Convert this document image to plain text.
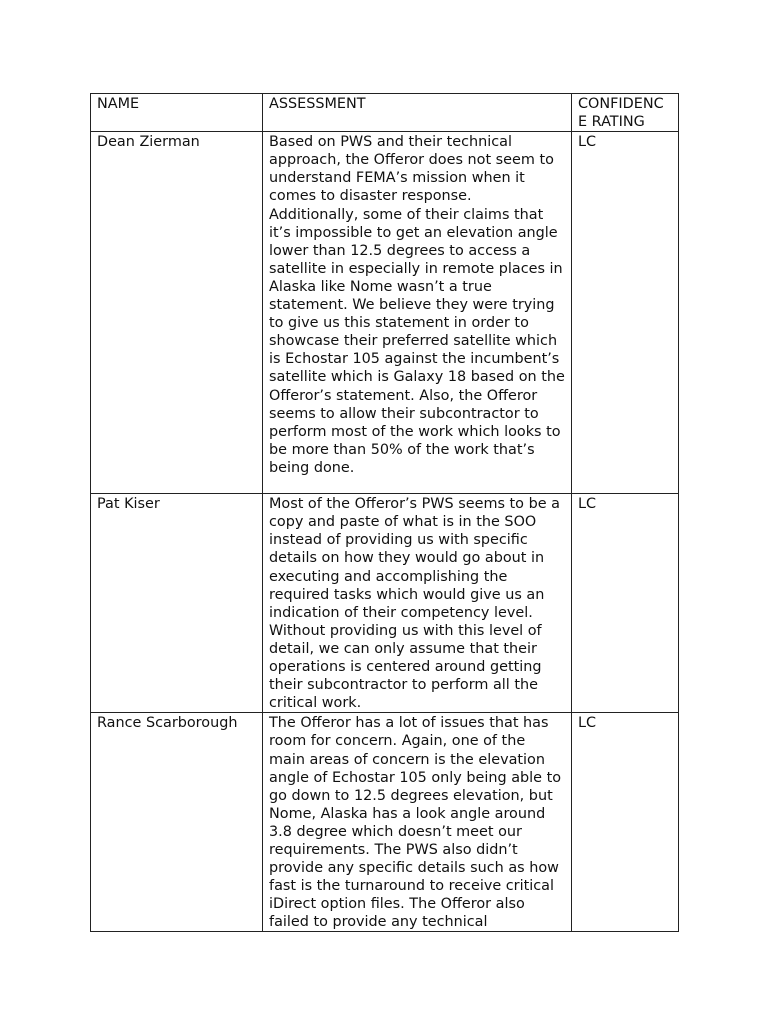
NAME	ASSESSMENT	CONFIDENCE RATING

Dean Zierman	Based on PWS and their technical approach, the Offeror does not seem to understand FEMA’s mission when it comes to disaster response. Additionally, some of their claims that it’s impossible to get an elevation angle lower than 12.5 degrees to access a satellite in especially in remote places in Alaska like Nome wasn’t a true statement. We believe they were trying to give us this statement in order to showcase their preferred satellite which is Echostar 105 against the incumbent’s satellite which is Galaxy 18 based on the Offeror’s statement. Also, the Offeror seems to allow their subcontractor to perform most of the work which looks to be more than 50% of the work that’s being done.	LC

Pat Kiser	Most of the Offeror’s PWS seems to be a copy and paste of what is in the SOO instead of providing us with specific details on how they would go about in executing and accomplishing the required tasks which would give us an indication of their competency level. Without providing us with this level of detail, we can only assume that their operations is centered around getting their subcontractor to perform all the critical work.	LC

Rance Scarborough	The Offeror has a lot of issues that has room for concern. Again, one of the main areas of concern is the elevation angle of Echostar 105 only being able to go down to 12.5 degrees elevation, but Nome, Alaska has a look angle around 3.8 degree which doesn’t meet our requirements. The PWS also didn’t provide any specific details such as how fast is the turnaround to receive critical iDirect option files. The Offeror also failed to provide any technical	LC
